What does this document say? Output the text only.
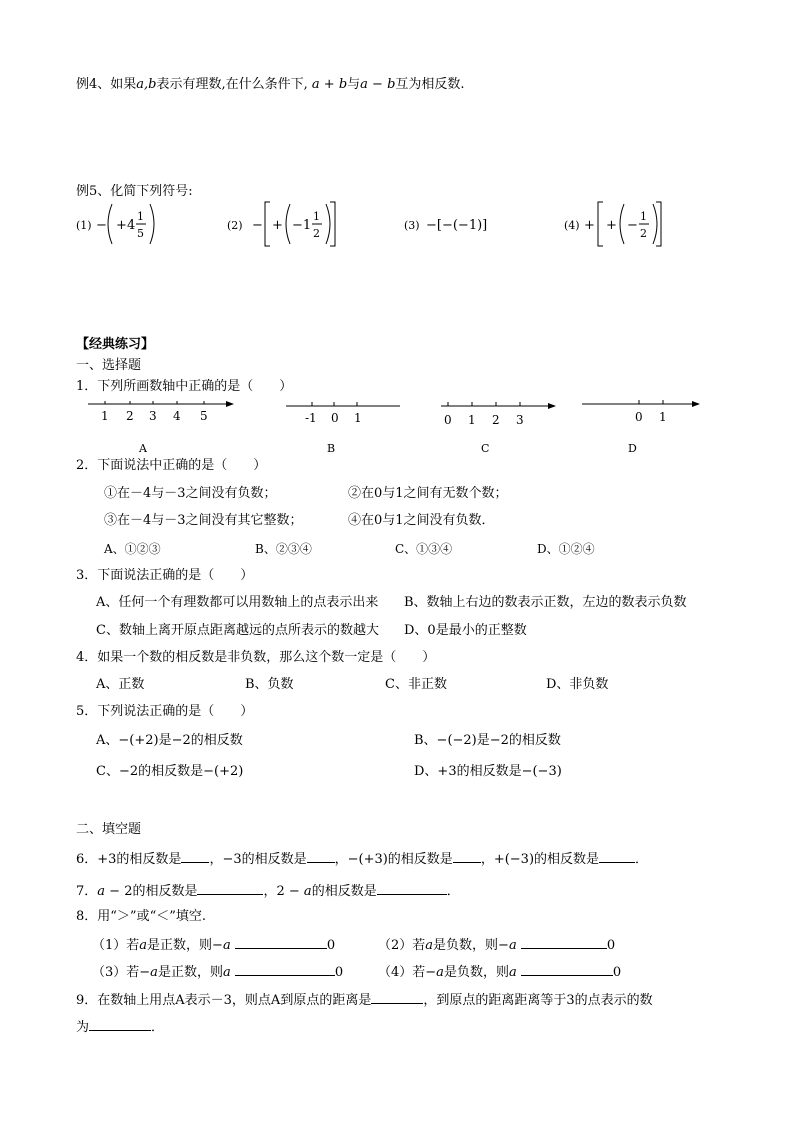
例4、如果a,b表示有理数,在什么条件下, a + b与a − b互为相反数.
例5、化简下列符号:
(1) − + 4
1
5
(2) − + −1
1
2
(3) −[−(−1)]	(4) + + −
1
2
【经典练习】
一、选择题
1．下列所画数轴中正确的是（　　）
1 2 3 4 5
A
-1 0 1
B
0 1 2 3
C
0 1
D
2．下面说法中正确的是（　　）
①在－4与－3之间没有负数；	②在0与1之间有无数个数；
③在－4与－3之间没有其它整数；	④在0与1之间没有负数．
A、①②③	B、②③④	C、①③④	D、①②④
3．下面说法正确的是（　　）
A、任何一个有理数都可以用数轴上的点表示出来 B、数轴上右边的数表示正数，左边的数表示负数
C、数轴上离开原点距离越远的点所表示的数越大 D、0是最小的正整数
4．如果一个数的相反数是非负数，那么这个数一定是（　　）
A、正数	B、负数	C、非正数	D、非负数
5．下列说法正确的是（　　）
A、−(+2)是−2的相反数	B、−(−2)是−2的相反数
C、−2的相反数是−(+2)	D、+3的相反数是−(−3)
二、填空题
6．+3的相反数是 ，−3的相反数是 ，−(+3)的相反数是 ，+(−3)的相反数是	．
7．a − 2的相反数是	，2 − a的相反数是	．
8．用“＞”或“＜”填空.
（1）若a是正数，则−a	0	（2）若a是负数，则−a	0
（3）若−a是正数，则a	0	（4）若−a是负数，则a	0
9．在数轴上用点A表示－3，则点A到原点的距离是	，到原点的距离距离等于3的点表示的数
为	．
